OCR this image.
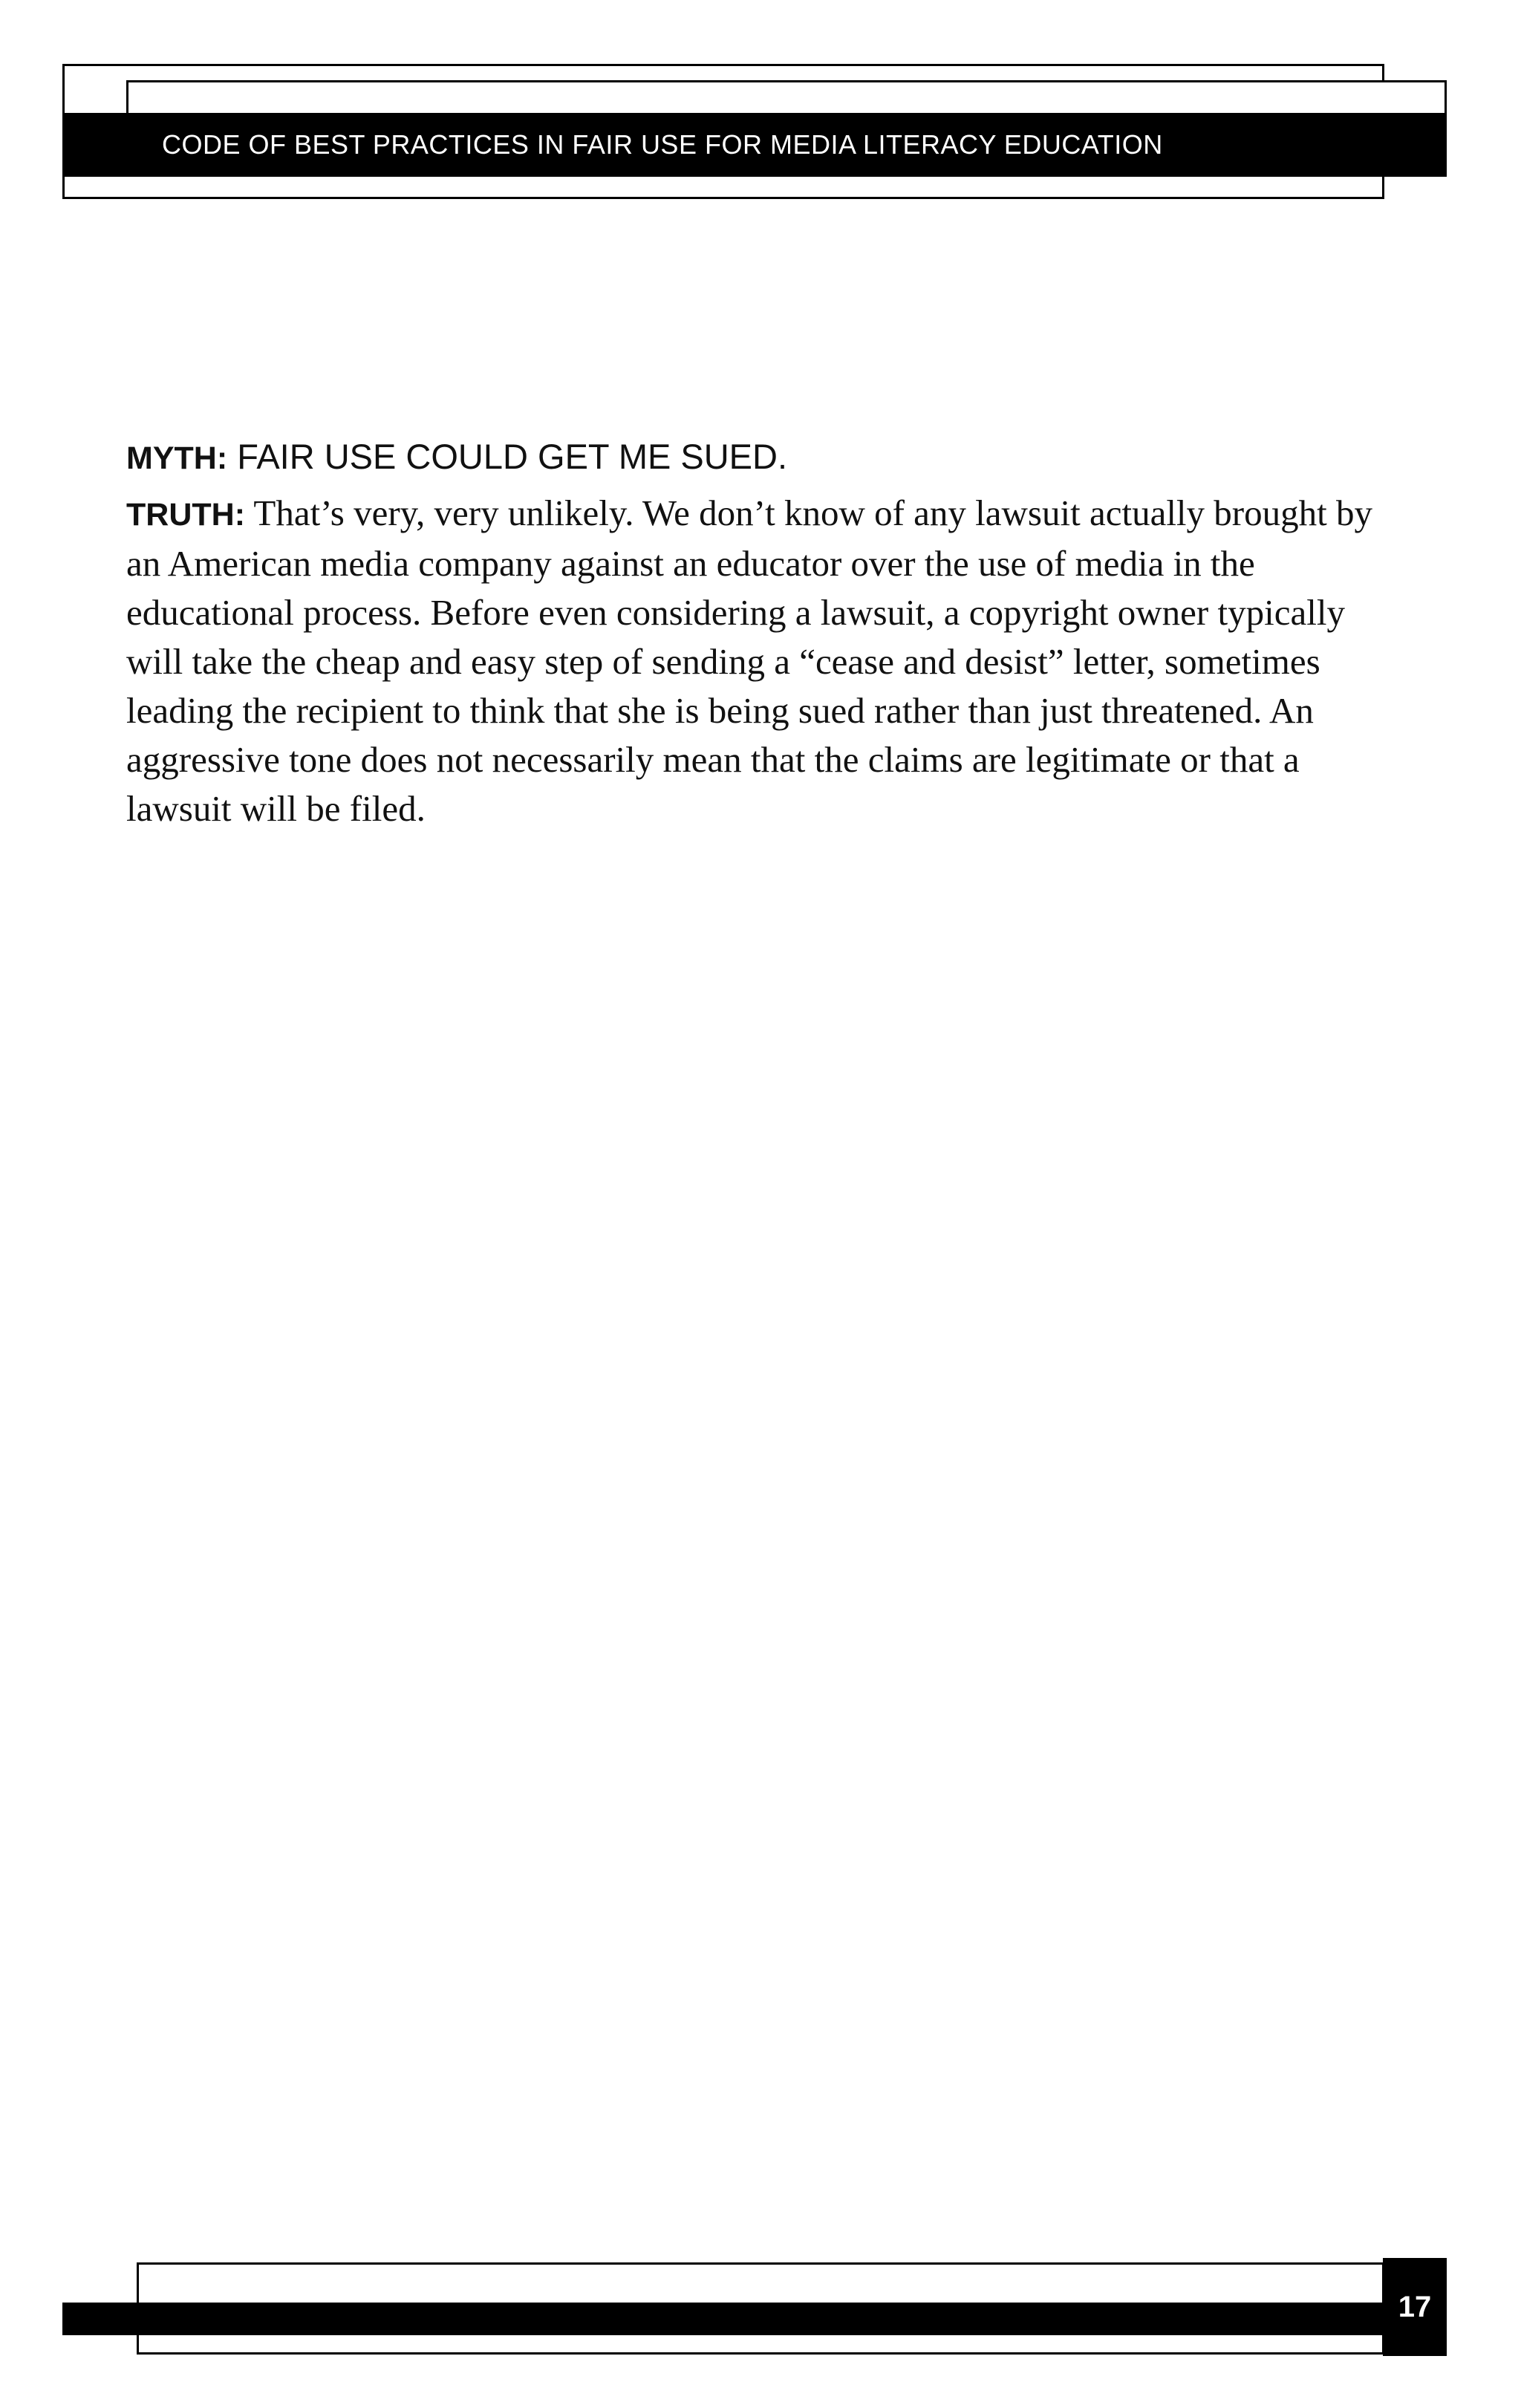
CODE OF BEST PRACTICES IN FAIR USE FOR MEDIA LITERACY EDUCATION

MYTH: FAIR USE COULD GET ME SUED.

TRUTH: That’s very, very unlikely. We don’t know of any lawsuit actually brought by an American media company against an educator over the use of media in the educational process. Before even considering a lawsuit, a copyright owner typically will take the cheap and easy step of sending a “cease and desist” letter, sometimes leading the recipient to think that she is being sued rather than just threatened. An aggressive tone does not necessarily mean that the claims are legitimate or that a lawsuit will be filed.

17
